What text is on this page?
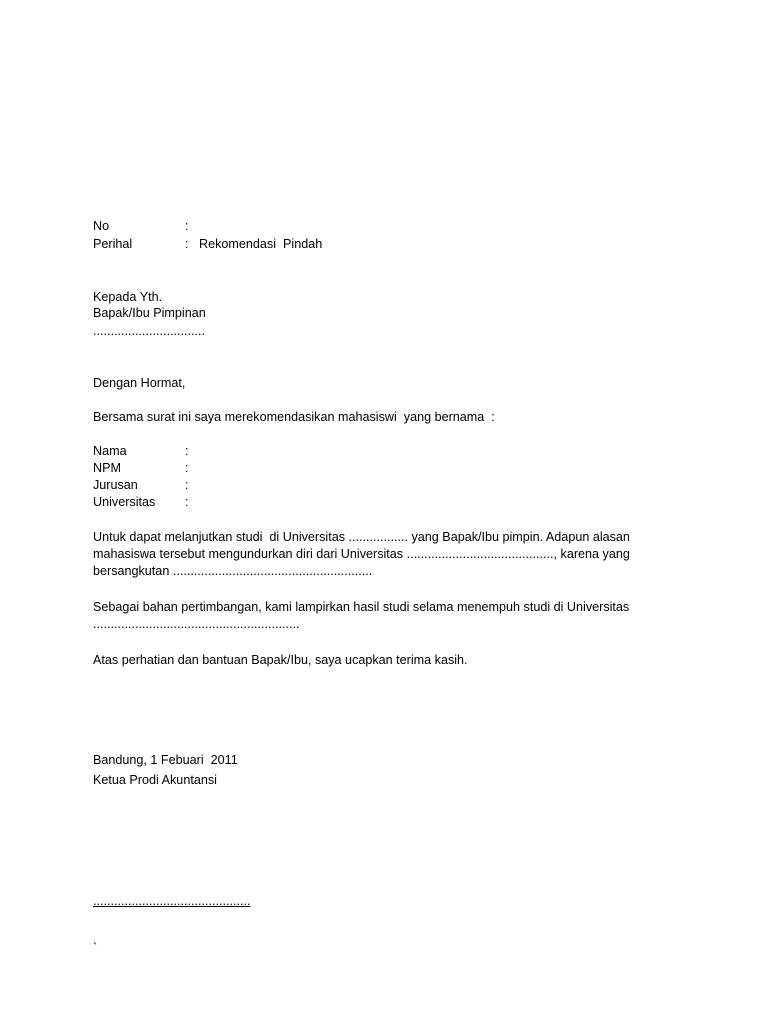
No	:
Perihal	: Rekomendasi  Pindah
Kepada Yth.
Bapak/Ibu Pimpinan
................................
Dengan Hormat,
Bersama surat ini saya merekomendasikan mahasiswi  yang bernama  :
Nama	:
NPM	:
Jurusan	:
Universitas :
Untuk dapat melanjutkan studi  di Universitas ................. yang Bapak/Ibu pimpin. Adapun alasan
mahasiswa tersebut mengundurkan diri dari Universitas .........................................., karena yang
bersangkutan .........................................................
Sebagai bahan pertimbangan, kami lampirkan hasil studi selama menempuh studi di Universitas
...........................................................
Atas perhatian dan bantuan Bapak/Ibu, saya ucapkan terima kasih.
Bandung, 1 Febuari  2011
Ketua Prodi Akuntansi
.............................................
`
